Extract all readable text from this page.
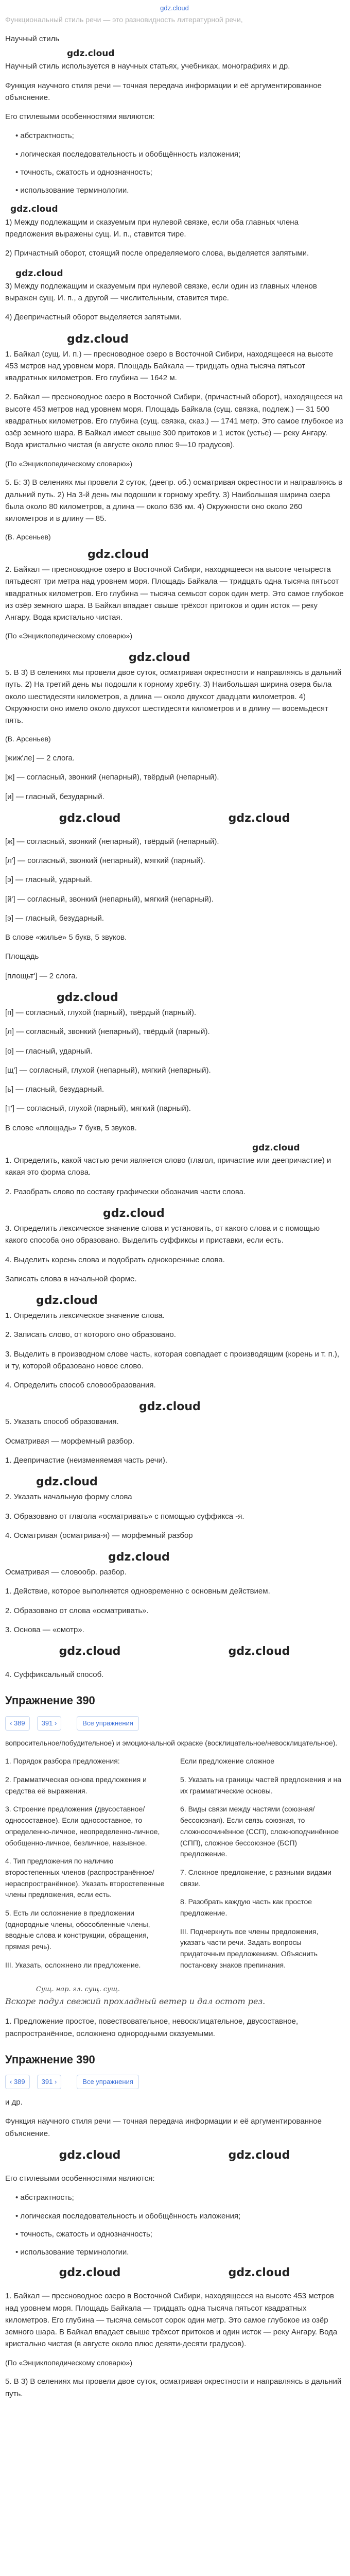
gdz.cloud
Функциональный стиль речи — это разновидность литературной речи,
Научный стиль
gdz.cloud
Научный стиль используется в научных статьях, учебниках, монографиях и др.
Функция научного стиля речи — точная передача информации и её аргументированное объяснение.
Его стилевыми особенностями являются:
• абстрактность;
• логическая последовательность и обобщённость изложения;
• точность, сжатость и однозначность;
• использование терминологии.
gdz.cloud
1) Между подлежащим и сказуемым при нулевой связке, если оба главных члена предложения выражены сущ. И. п., ставится тире.
2) Причастный оборот, стоящий после определяемого слова, выделяется запятыми.
gdz.cloud
3) Между подлежащим и сказуемым при нулевой связке, если один из главных членов выражен сущ. И. п., а другой — числительным, ставится тире.
4) Деепричастный оборот выделяется запятыми.
gdz.cloud
1. Байкал (сущ. И. п.) — пресноводное озеро в Восточной Сибири, находящееся на высоте 453 метров над уровнем моря. Площадь Байкала — тридцать одна тысяча пятьсот квадратных километров. Его глубина — 1642 м.
2. Байкал — пресноводное озеро в Восточной Сибири, (причастный оборот), находящееся на высоте 453 метров над уровнем моря. Площадь Байкала (сущ. связка, подлеж.) — 31 500 квадратных километров. Его глубина (сущ. связка, сказ.) — 1741 метр. Это самое глубокое из озёр земного шара. В Байкал имеет свыше 300 притоков и 1 исток (устье) — реку Ангару. Вода кристально чистая (в августе около плюс 9—10 градусов).
(По «Энциклопедическому словарю»)
5. Б: 3) В селениях мы провели 2 суток, (деепр. об.) осматривая окрестности и направляясь в дальний путь. 2) На 3-й день мы подошли к горному хребту. 3) Наибольшая ширина озера была около 80 километров, а длина — около 636 км. 4) Окружности оно около 260 километров и в длину — 85.
(В. Арсеньев)
gdz.cloud
2. Байкал — пресноводное озеро в Восточной Сибири, находящееся на высоте четыреста пятьдесят три метра над уровнем моря. Площадь Байкала — тридцать одна тысяча пятьсот квадратных километров. Его глубина — тысяча семьсот сорок один метр. Это самое глубокое из озёр земного шара. В Байкал впадает свыше трёхсот притоков и один исток — реку Ангару. Вода кристально чистая.
(По «Энциклопедическому словарю»)
gdz.cloud
5. В 3) В селениях мы провели двое суток, осматривая окрестности и направляясь в дальний путь. 2) На третий день мы подошли к горному хребту. 3) Наибольшая ширина озера была около шестидесяти километров, а длина — около двухсот двадцати километров. 4) Окружности оно имело около двухсот шестидесяти километров и в длину — восемьдесят пять.
(В. Арсеньев)
[жиж'ле] — 2 слога.
[ж] — согласный, звонкий (непарный), твёрдый (непарный).
[и] — гласный, безударный.
gdz.cloud	gdz.cloud
[ж] — согласный, звонкий (непарный), твёрдый (непарный).
[л'] — согласный, звонкий (непарный), мягкий (парный).
[э] — гласный, ударный.
[й'] — согласный, звонкий (непарный), мягкий (непарный).
[э] — гласный, безударный.
В слове «жилье» 5 букв, 5 звуков.
Площадь
[площьт'] — 2 слога.
gdz.cloud
[п] — согласный, глухой (парный), твёрдый (парный).
[л] — согласный, звонкий (непарный), твёрдый (парный).
[о] — гласный, ударный.
[щ'] — согласный, глухой (непарный), мягкий (непарный).
[ь] — гласный, безударный.
[т'] — согласный, глухой (парный), мягкий (парный).
В слове «площадь» 7 букв, 5 звуков.
gdz.cloud
1. Определить, какой частью речи является слово (глагол, причастие или деепричастие) и какая это форма слова.
2. Разобрать слово по составу графически обозначив части слова.
gdz.cloud
3. Определить лексическое значение слова и установить, от какого слова и с помощью какого способа оно образовано. Выделить суффиксы и приставки, если есть.
4. Выделить корень слова и подобрать однокоренные слова.
Записать слова в начальной форме.
gdz.cloud
1. Определить лексическое значение слова.
2. Записать слово, от которого оно образовано.
3. Выделить в производном слове часть, которая совпадает с производящим (корень и т. п.), и ту, которой образовано новое слово.
4. Определить способ словообразования.
gdz.cloud
5. Указать способ образования.
Осматривая — морфемный разбор.
1. Деепричастие (неизменяемая часть речи).
gdz.cloud
2. Указать начальную форму слова
3. Образовано от глагола «осматривать» с помощью суффикса -я.
4. Осматривая (осматрива-я) — морфемный разбор
gdz.cloud
Осматривая — словообр. разбор.
1. Действие, которое выполняется одновременно с основным действием.
2. Образовано от слова «осматривать».
3. Основа — «смотр».
gdz.cloud	gdz.cloud
4. Суффиксальный способ.
Упражнение 390
‹ 389	391 ›	Все упражнения
вопросительное/побудительное) и эмоциональной окраске (восклицательное/невосклицательное).
1. Порядок разбора предложения:
2. Грамматическая основа предложения и средства её выражения.
3. Строение предложения (двусоставное/односоставное). Если односоставное, то определенно-личное, неопределенно-личное, обобщенно-личное, безличное, назывное.
4. Тип предложения по наличию второстепенных членов (распространённое/нераспространённое). Указать второстепенные члены предложения, если есть.
5. Есть ли осложнение в предложении (однородные члены, обособленные члены, вводные слова и конструкции, обращения, прямая речь).
III. Указать, осложнено ли предложение.
Если предложение сложное
5. Указать на границы частей предложения и на их грамматические основы.
6. Виды связи между частями (союзная/бессоюзная). Если связь союзная, то сложносочинённое (ССП), сложноподчинённое (СПП), сложное бессоюзное (БСП) предложение.
7. Сложное предложение, с разными видами связи.
8. Разобрать каждую часть как простое предложение.
III. Подчеркнуть все члены предложения, указать части речи. Задать вопросы придаточным предложениям. Объяснить постановку знаков препинания.
Сущ. нар. гл. сущ. сущ.
Вскоре подул свежий прохладный ветер и дал остот рез.
1. Предложение простое, повествовательное, невосклицательное, двусоставное, распространённое, осложнено однородными сказуемыми.
Упражнение 390
‹ 389	391 ›	Все упражнения
и др.
Функция научного стиля речи — точная передача информации и её аргументированное объяснение.
gdz.cloud	gdz.cloud
Его стилевыми особенностями являются:
• абстрактность;
• логическая последовательность и обобщённость изложения;
• точность, сжатость и однозначность;
• использование терминологии.
gdz.cloud	gdz.cloud
1. Байкал — пресноводное озеро в Восточной Сибири, находящееся на высоте 453 метров над уровнем моря. Площадь Байкала — тридцать одна тысяча пятьсот квадратных километров. Его глубина — тысяча семьсот сорок один метр. Это самое глубокое из озёр земного шара. В Байкал впадает свыше трёхсот притоков и один исток — реку Ангару. Вода кристально чистая (в августе около плюс девяти-десяти градусов).
(По «Энциклопедическому словарю»)
5. В 3) В селениях мы провели двое суток, осматривая окрестности и направляясь в дальний путь.
